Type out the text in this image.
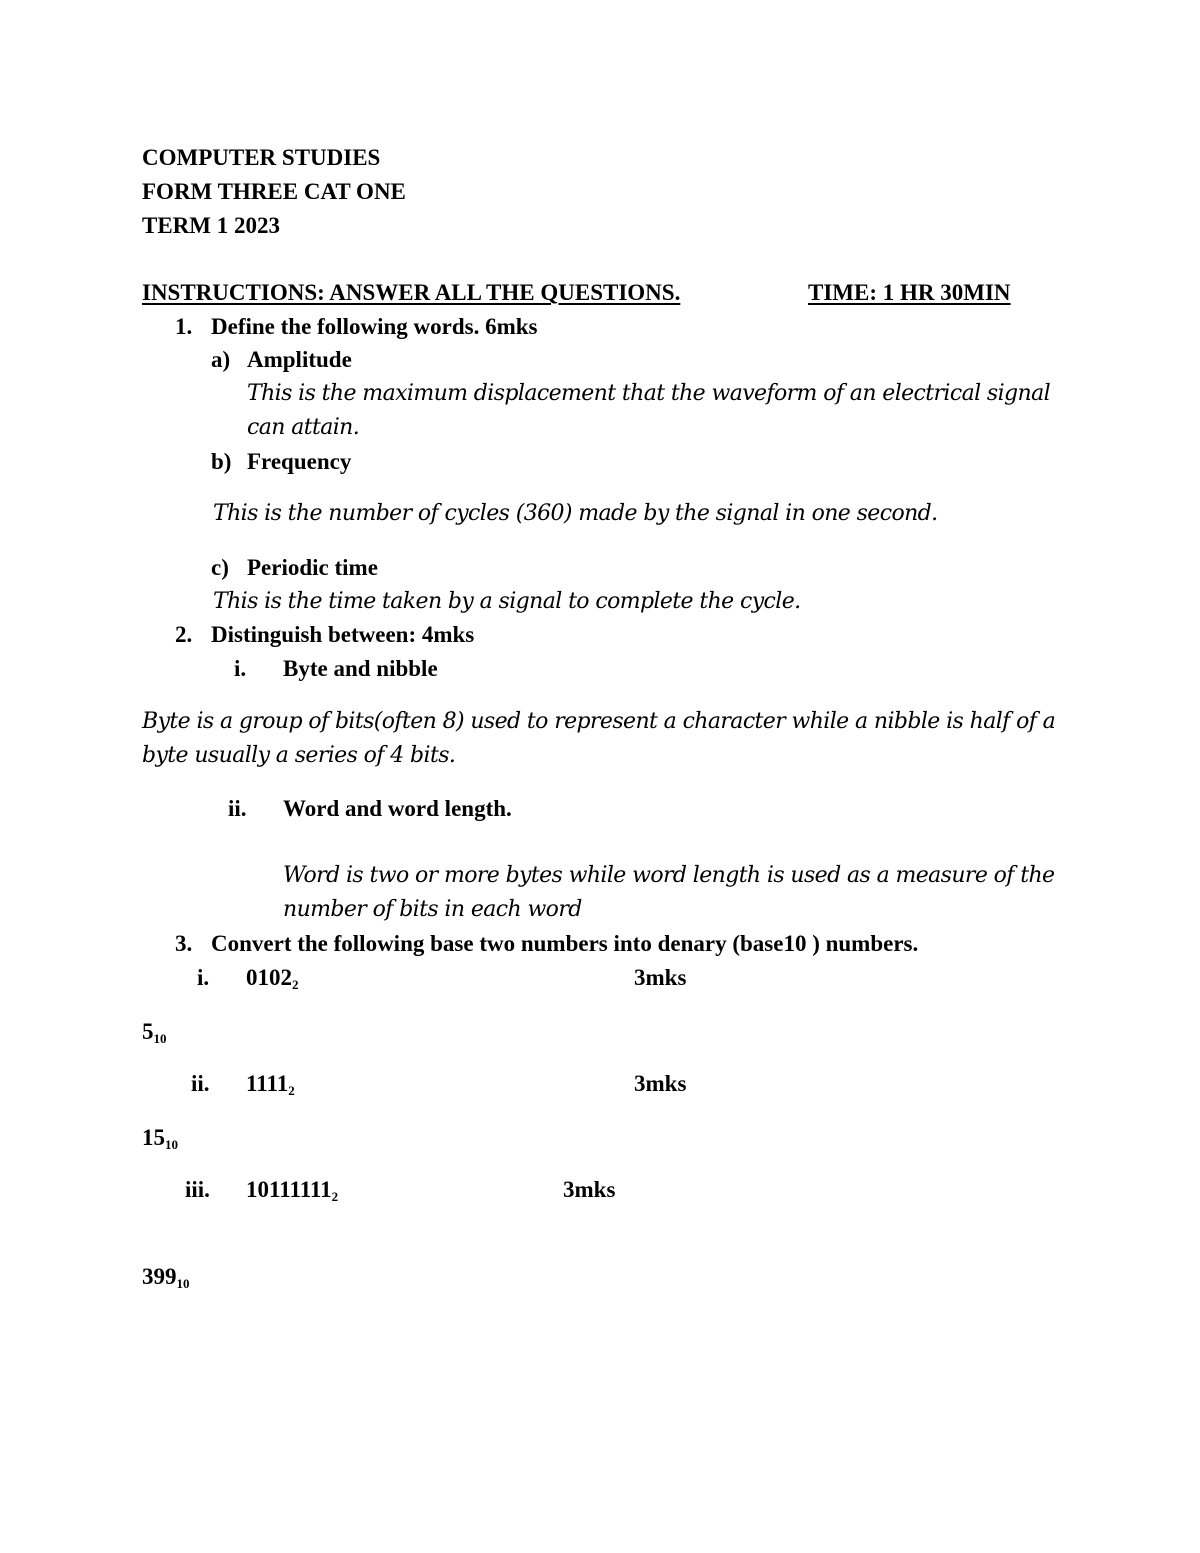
COMPUTER STUDIES
FORM THREE CAT ONE
TERM 1 2023
INSTRUCTIONS: ANSWER ALL THE QUESTIONS.	TIME: 1 HR 30MIN
1. Define the following words. 6mks
a) Amplitude
This is the maximum displacement that the waveform of an electrical signal
can attain.
b) Frequency
This is the number of cycles (360) made by the signal in one second.
c) Periodic time
This is the time taken by a signal to complete the cycle.
2. Distinguish between: 4mks
i. Byte and nibble
Byte is a group of bits(often 8) used to represent a character while a nibble is half of a
byte usually a series of 4 bits.
ii. Word and word length.
Word is two or more bytes while word length is used as a measure of the
number of bits in each word
3. Convert the following base two numbers into denary (base10 ) numbers.
i. $0102_2$	3mks
$5_{10}$
ii. $1111_2$	3mks
$15_{10}$
iii. $10111111_2$	3mks
$399_{10}$
